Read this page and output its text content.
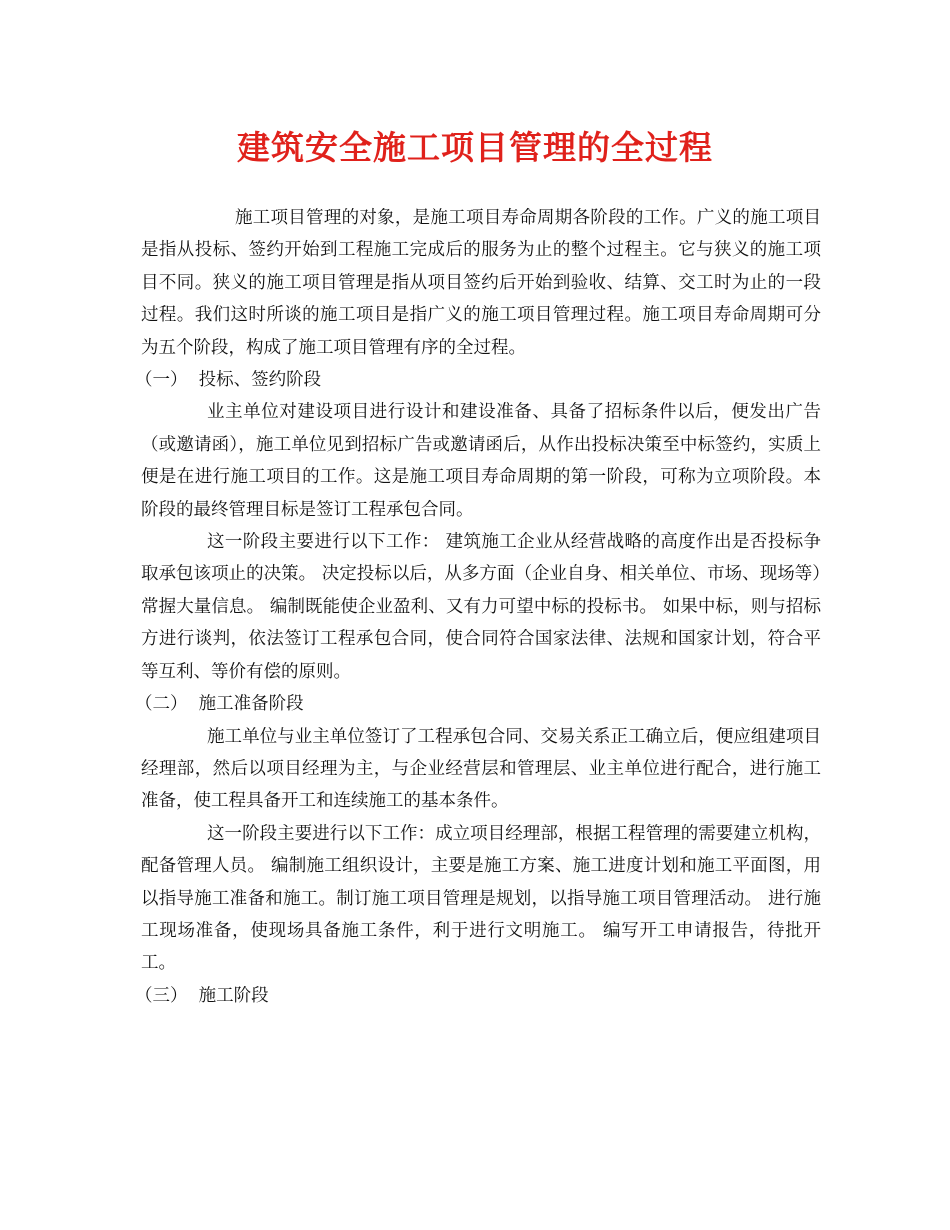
建筑安全施工项目管理的全过程

施工项目管理的对象，是施工项目寿命周期各阶段的工作。广义的施工项目是指从投标、签约开始到工程施工完成后的服务为止的整个过程主。它与狭义的施工项目不同。狭义的施工项目管理是指从项目签约后开始到验收、结算、交工时为止的一段过程。我们这时所谈的施工项目是指广义的施工项目管理过程。施工项目寿命周期可分为五个阶段，构成了施工项目管理有序的全过程。

（一）  投标、签约阶段

业主单位对建设项目进行设计和建设准备、具备了招标条件以后，便发出广告（或邀请函），施工单位见到招标广告或邀请函后，从作出投标决策至中标签约，实质上便是在进行施工项目的工作。这是施工项目寿命周期的第一阶段，可称为立项阶段。本阶段的最终管理目标是签订工程承包合同。

这一阶段主要进行以下工作： 建筑施工企业从经营战略的高度作出是否投标争取承包该项止的决策。 决定投标以后，从多方面（企业自身、相关单位、市场、现场等）常握大量信息。 编制既能使企业盈利、又有力可望中标的投标书。 如果中标，则与招标方进行谈判，依法签订工程承包合同，使合同符合国家法律、法规和国家计划，符合平等互利、等价有偿的原则。

（二）  施工准备阶段

施工单位与业主单位签订了工程承包合同、交易关系正工确立后，便应组建项目经理部，然后以项目经理为主，与企业经营层和管理层、业主单位进行配合，进行施工准备，使工程具备开工和连续施工的基本条件。

这一阶段主要进行以下工作：成立项目经理部，根据工程管理的需要建立机构，配备管理人员。 编制施工组织设计，主要是施工方案、施工进度计划和施工平面图，用以指导施工准备和施工。制订施工项目管理是规划，以指导施工项目管理活动。 进行施工现场准备，使现场具备施工条件，利于进行文明施工。 编写开工申请报告，待批开工。

（三）  施工阶段
